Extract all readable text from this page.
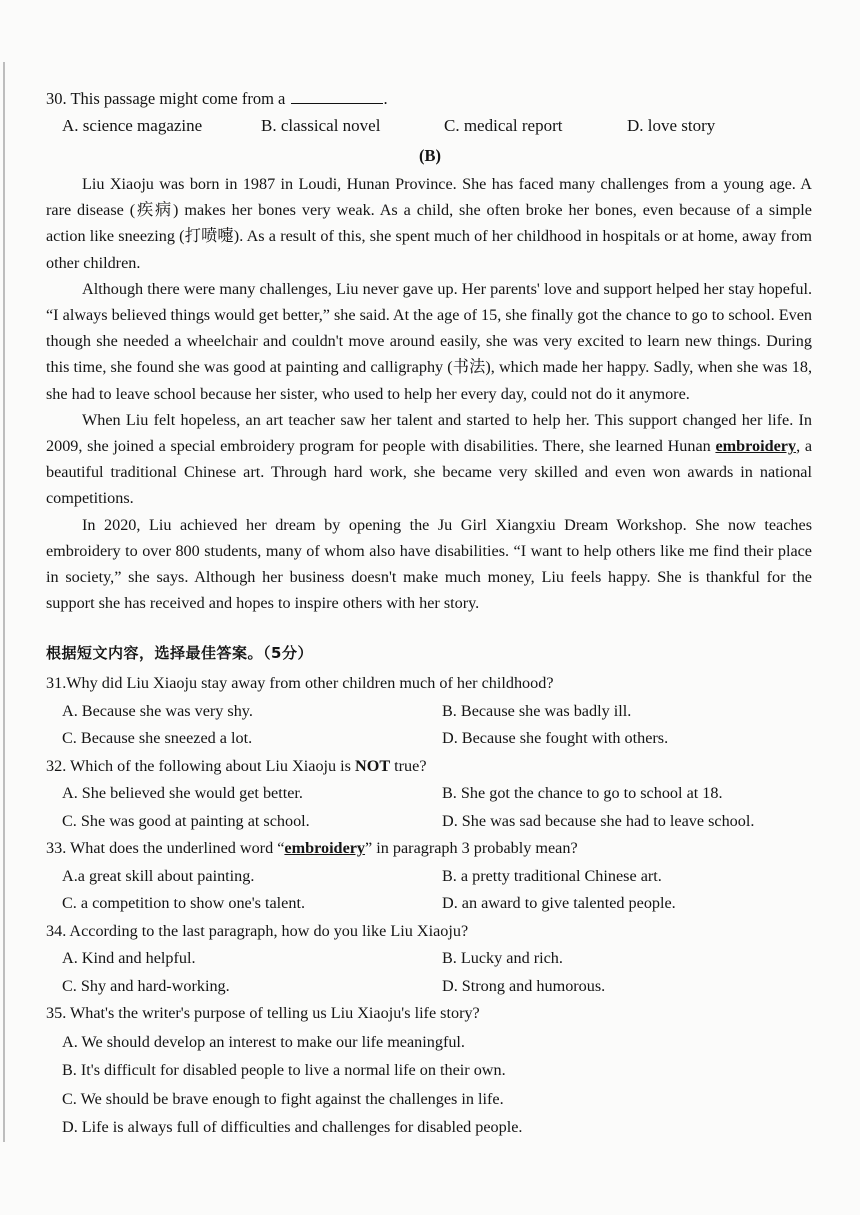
30. This passage might come from a	.
A. science magazine	B. classical novel	C. medical report	D. love story
(B)

Liu Xiaoju was born in 1987 in Loudi, Hunan Province. She has faced many challenges from a young age. A rare disease (疾病) makes her bones very weak. As a child, she often broke her bones, even because of a simple action like sneezing (打喷嚏). As a result of this, she spent much of her childhood in hospitals or at home, away from other children.

Although there were many challenges, Liu never gave up. Her parents' love and support helped her stay hopeful. “I always believed things would get better,” she said. At the age of 15, she finally got the chance to go to school. Even though she needed a wheelchair and couldn't move around easily, she was very excited to learn new things. During this time, she found she was good at painting and calligraphy (书法), which made her happy. Sadly, when she was 18, she had to leave school because her sister, who used to help her every day, could not do it anymore.

When Liu felt hopeless, an art teacher saw her talent and started to help her. This support changed her life. In 2009, she joined a special embroidery program for people with disabilities. There, she learned Hunan embroidery, a beautiful traditional Chinese art. Through hard work, she became very skilled and even won awards in national competitions.

In 2020, Liu achieved her dream by opening the Ju Girl Xiangxiu Dream Workshop. She now teaches embroidery to over 800 students, many of whom also have disabilities. “I want to help others like me find their place in society,” she says. Although her business doesn't make much money, Liu feels happy. She is thankful for the support she has received and hopes to inspire others with her story.

根据短文内容，选择最佳答案。（5分）
31.Why did Liu Xiaoju stay away from other children much of her childhood?
A. Because she was very shy.	B. Because she was badly ill.
C. Because she sneezed a lot.	D. Because she fought with others.
32. Which of the following about Liu Xiaoju is NOT true?
A. She believed she would get better.	B. She got the chance to go to school at 18.
C. She was good at painting at school.	D. She was sad because she had to leave school.
33. What does the underlined word “embroidery” in paragraph 3 probably mean?
A.a great skill about painting.	B. a pretty traditional Chinese art.
C. a competition to show one's talent.	D. an award to give talented people.
34. According to the last paragraph, how do you like Liu Xiaoju?
A. Kind and helpful.	B. Lucky and rich.
C. Shy and hard-working.	D. Strong and humorous.
35. What's the writer's purpose of telling us Liu Xiaoju's life story?
A. We should develop an interest to make our life meaningful.
B. It's difficult for disabled people to live a normal life on their own.
C. We should be brave enough to fight against the challenges in life.
D. Life is always full of difficulties and challenges for disabled people.
